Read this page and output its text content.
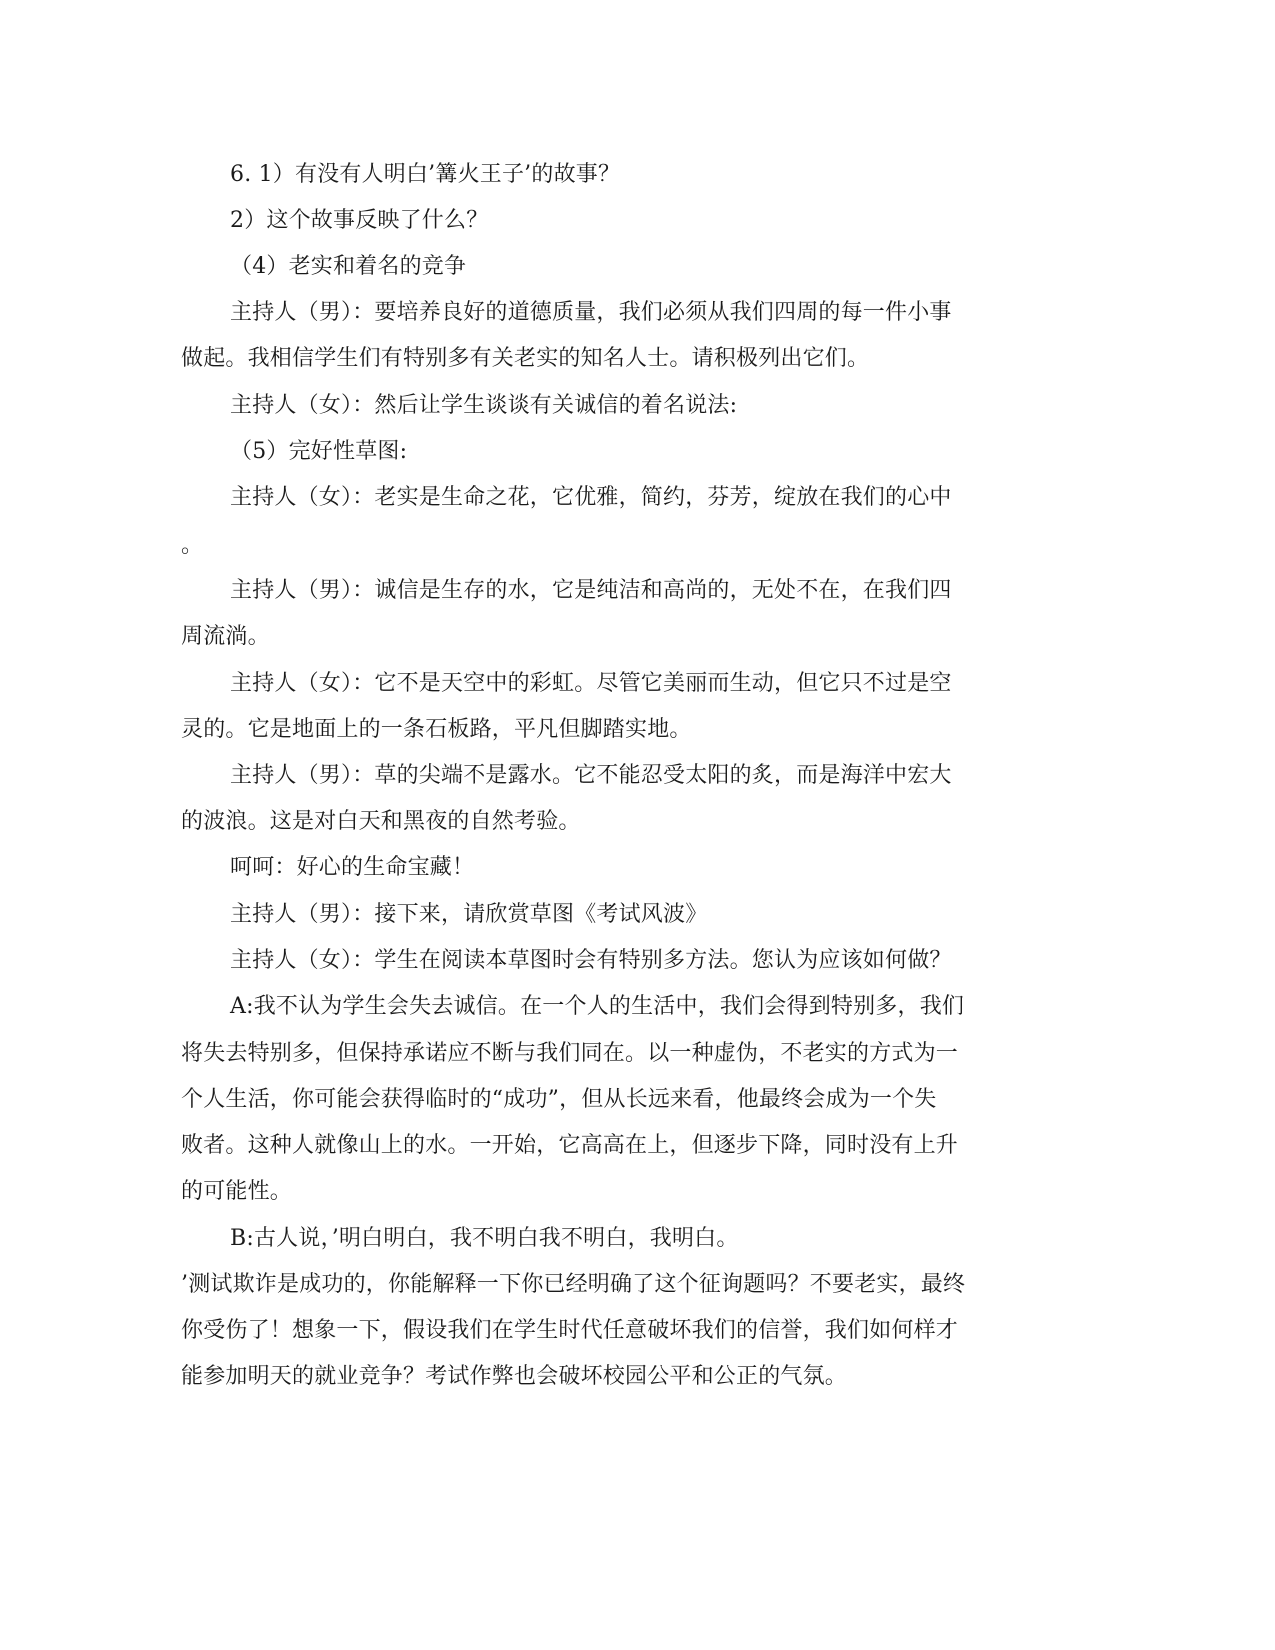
6. 1）有没有人明白’篝火王子’的故事？

2）这个故事反映了什么？

（4）老实和着名的竞争

主持人（男）：要培养良好的道德质量，我们必须从我们四周的每一件小事

做起。我相信学生们有特别多有关老实的知名人士。请积极列出它们。

主持人（女）：然后让学生谈谈有关诚信的着名说法:

（5）完好性草图:

主持人（女）：老实是生命之花，它优雅，简约，芬芳，绽放在我们的心中

。

主持人（男）：诚信是生存的水，它是纯洁和高尚的，无处不在，在我们四

周流淌。

主持人（女）：它不是天空中的彩虹。尽管它美丽而生动，但它只不过是空

灵的。它是地面上的一条石板路，平凡但脚踏实地。

主持人（男）：草的尖端不是露水。它不能忍受太阳的炙，而是海洋中宏大

的波浪。这是对白天和黑夜的自然考验。

呵呵：好心的生命宝藏！

主持人（男）：接下来，请欣赏草图《考试风波》

主持人（女）：学生在阅读本草图时会有特别多方法。您认为应该如何做？

A:我不认为学生会失去诚信。在一个人的生活中，我们会得到特别多，我们

将失去特别多，但保持承诺应不断与我们同在。以一种虚伪，不老实的方式为一

个人生活，你可能会获得临时的“成功”，但从长远来看，他最终会成为一个失

败者。这种人就像山上的水。一开始，它高高在上，但逐步下降，同时没有上升

的可能性。

B:古人说，’明白明白，我不明白我不明白，我明白。

’测试欺诈是成功的，你能解释一下你已经明确了这个征询题吗？不要老实，最终

你受伤了！想象一下，假设我们在学生时代任意破坏我们的信誉，我们如何样才

能参加明天的就业竞争？考试作弊也会破坏校园公平和公正的气氛。
